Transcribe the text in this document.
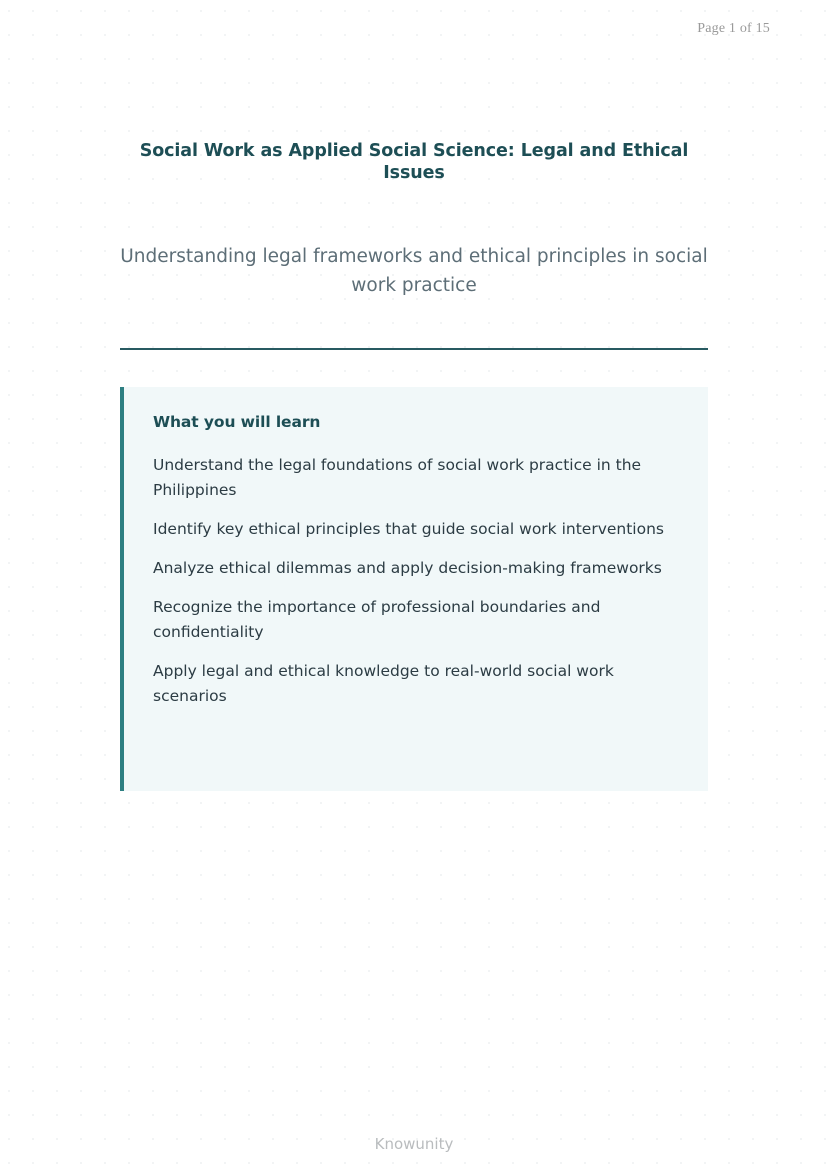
Page 1 of 15
Social Work as Applied Social Science: Legal and Ethical Issues

Understanding legal frameworks and ethical principles in social work practice

What you will learn
Understand the legal foundations of social work practice in the Philippines
Identify key ethical principles that guide social work interventions
Analyze ethical dilemmas and apply decision-making frameworks
Recognize the importance of professional boundaries and confidentiality
Apply legal and ethical knowledge to real-world social work scenarios
Knowunity
